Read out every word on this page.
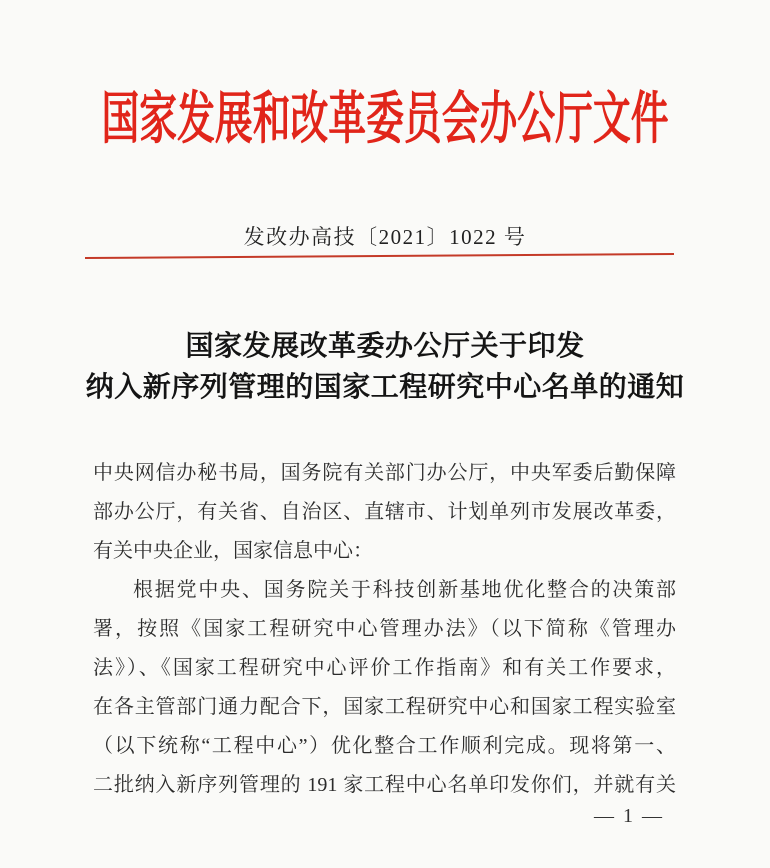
国家发展和改革委员会办公厅文件
发改办高技〔2021〕1022 号
国家发展改革委办公厅关于印发
纳入新序列管理的国家工程研究中心名单的通知
中央网信办秘书局，国务院有关部门办公厅，中央军委后勤保障
部办公厅，有关省、自治区、直辖市、计划单列市发展改革委，
有关中央企业，国家信息中心：
根据党中央、国务院关于科技创新基地优化整合的决策部
署，按照《国家工程研究中心管理办法》（以下简称《管理办
法》）、《国家工程研究中心评价工作指南》和有关工作要求，
在各主管部门通力配合下，国家工程研究中心和国家工程实验室
（以下统称“工程中心”）优化整合工作顺利完成。现将第一、
二批纳入新序列管理的 191 家工程中心名单印发你们，并就有关
— 1 —
